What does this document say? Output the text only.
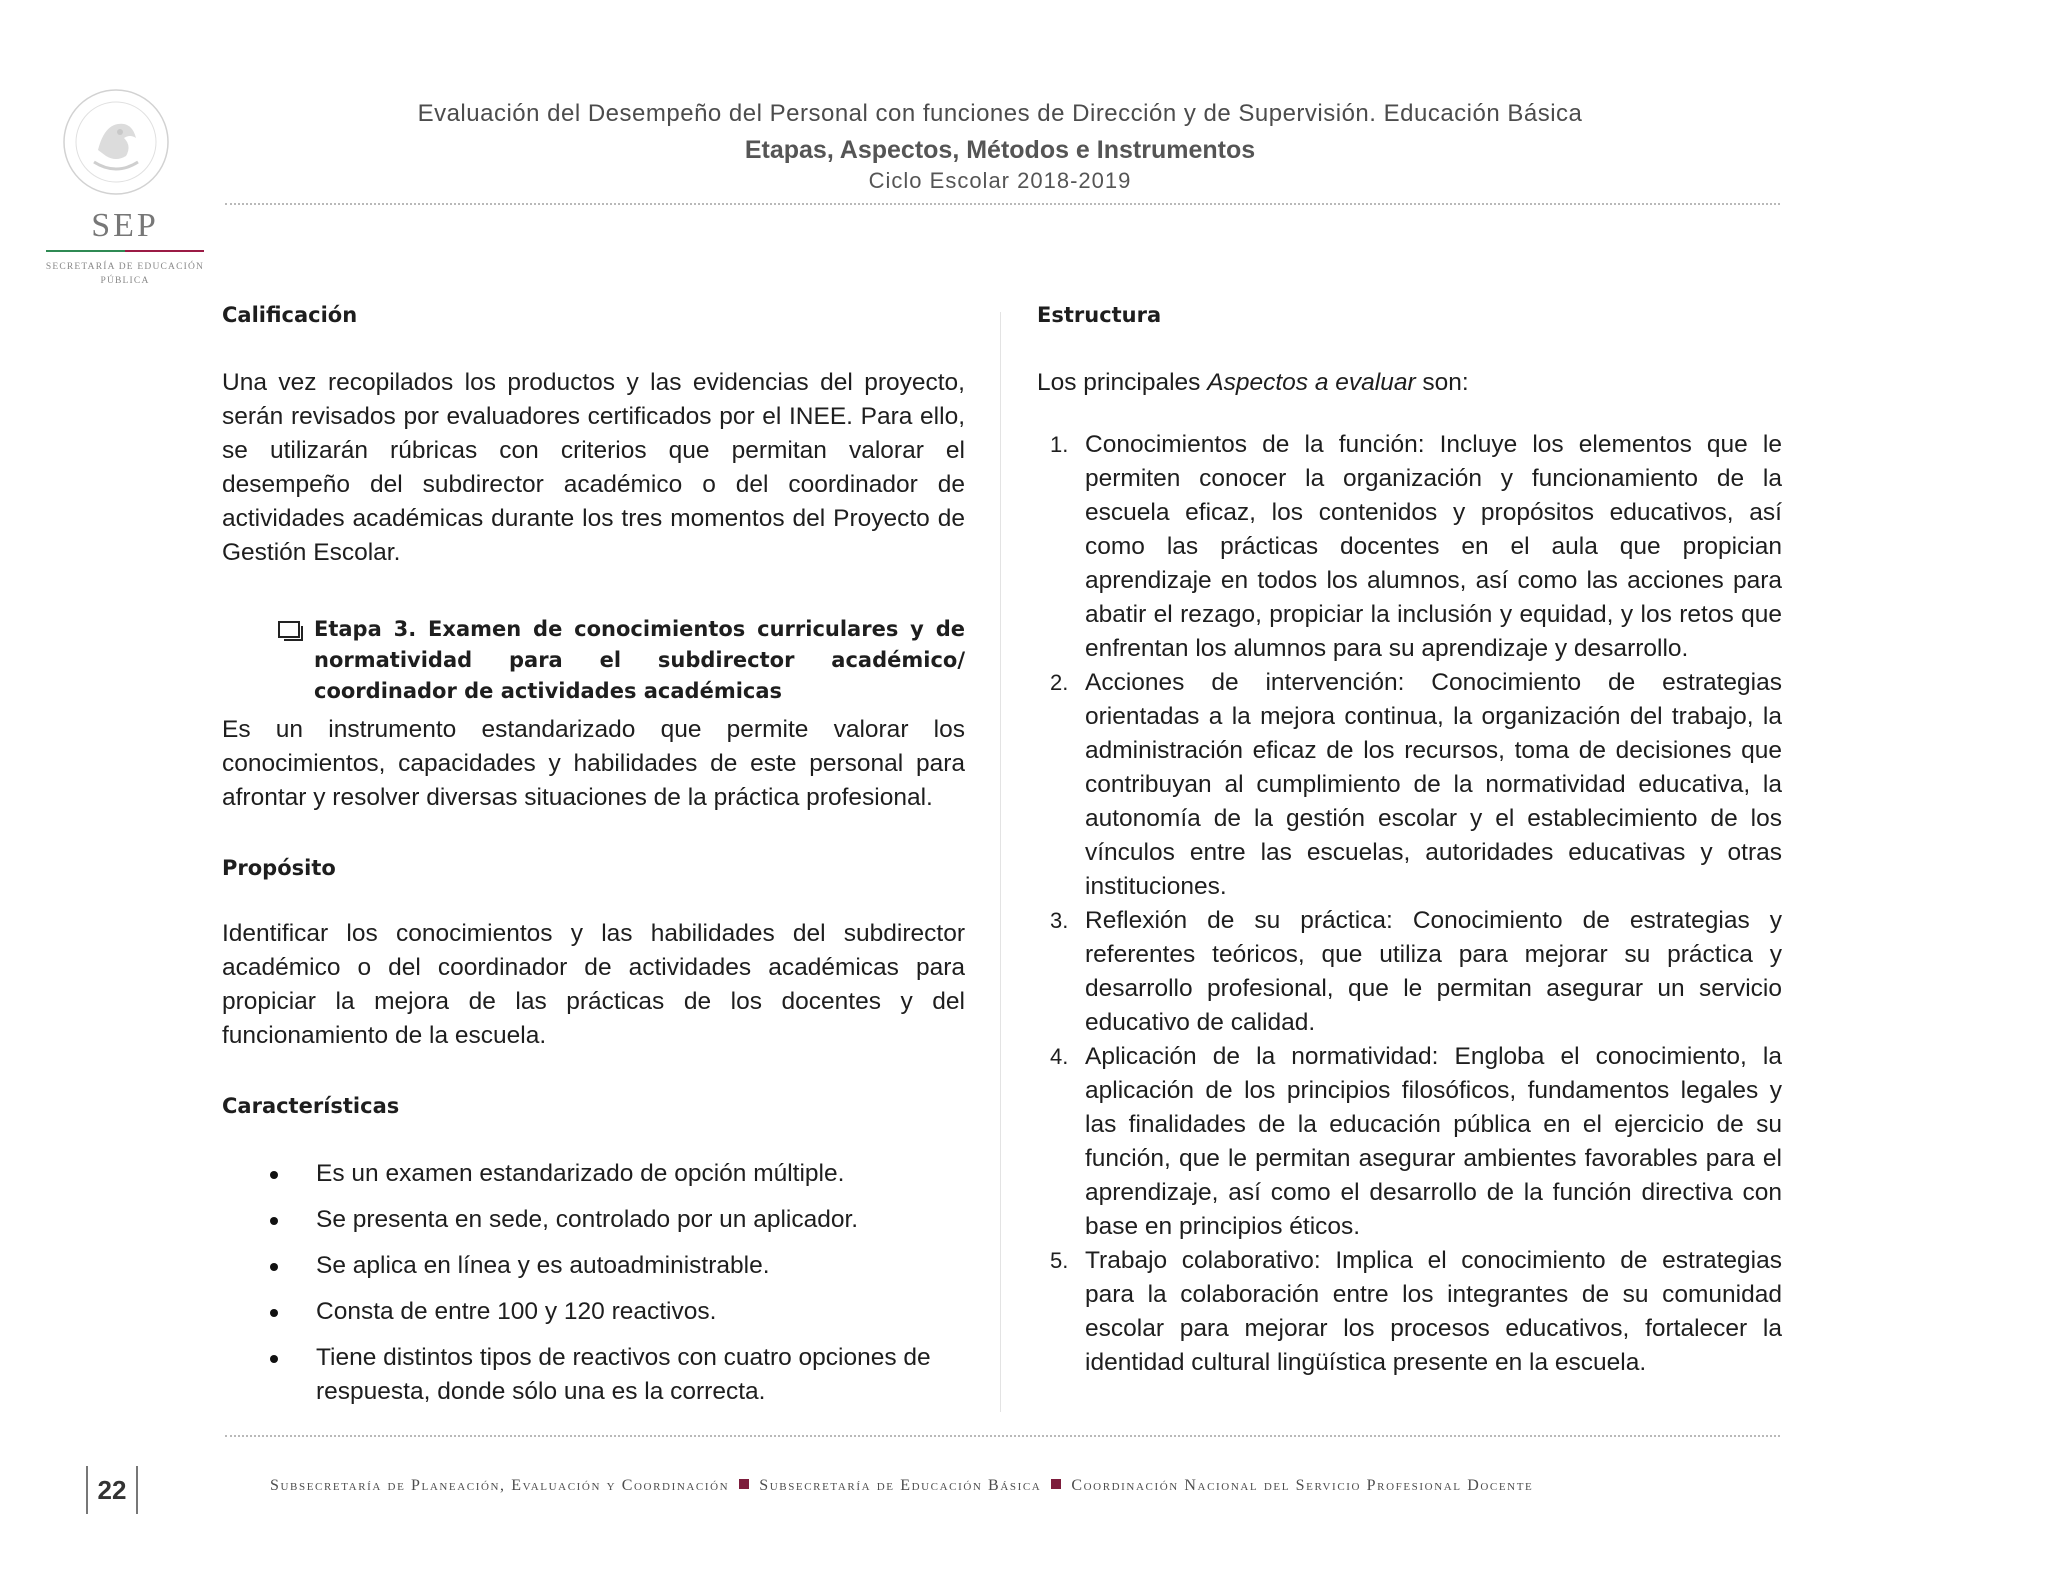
SEP
SECRETARÍA DE EDUCACIÓN PÚBLICA
Evaluación del Desempeño del Personal con funciones de Dirección y de Supervisión. Educación Básica
Etapas, Aspectos, Métodos e Instrumentos
Ciclo Escolar 2018-2019
Calificación

Una vez recopilados los productos y las evidencias del proyecto, serán revisados por evaluadores certificados por el INEE. Para ello, se utilizarán rúbricas con criterios que permitan valorar el desempeño del subdirector académico o del coordinador de actividades académicas durante los tres momentos del Proyecto de Gestión Escolar.

Etapa 3. Examen de conocimientos curriculares y de normatividad para el subdirector académico/ coordinador de actividades académicas

Es un instrumento estandarizado que permite valorar los conocimientos, capacidades y habilidades de este personal para afrontar y resolver diversas situaciones de la práctica profesional.

Propósito

Identificar los conocimientos y las habilidades del subdirector académico o del coordinador de actividades académicas para propiciar la mejora de las prácticas de los docentes y del funcionamiento de la escuela.

Características
Es un examen estandarizado de opción múltiple.
Se presenta en sede, controlado por un aplicador.
Se aplica en línea y es autoadministrable.
Consta de entre 100 y 120 reactivos.
Tiene distintos tipos de reactivos con cuatro opciones de respuesta, donde sólo una es la correcta.
Estructura

Los principales Aspectos a evaluar son:

1. Conocimientos de la función: Incluye los elementos que le permiten conocer la organización y funcionamiento de la escuela eficaz, los contenidos y propósitos educativos, así como las prácticas docentes en el aula que propician aprendizaje en todos los alumnos, así como las acciones para abatir el rezago, propiciar la inclusión y equidad, y los retos que enfrentan los alumnos para su aprendizaje y desarrollo.
2. Acciones de intervención: Conocimiento de estrategias orientadas a la mejora continua, la organización del trabajo, la administración eficaz de los recursos, toma de decisiones que contribuyan al cumplimiento de la normatividad educativa, la autonomía de la gestión escolar y el establecimiento de los vínculos entre las escuelas, autoridades educativas y otras instituciones.
3. Reflexión de su práctica: Conocimiento de estrategias y referentes teóricos, que utiliza para mejorar su práctica y desarrollo profesional, que le permitan asegurar un servicio educativo de calidad.
4. Aplicación de la normatividad: Engloba el conocimiento, la aplicación de los principios filosóficos, fundamentos legales y las finalidades de la educación pública en el ejercicio de su función, que le permitan asegurar ambientes favorables para el aprendizaje, así como el desarrollo de la función directiva con base en principios éticos.
5. Trabajo colaborativo: Implica el conocimiento de estrategias para la colaboración entre los integrantes de su comunidad escolar para mejorar los procesos educativos, fortalecer la identidad cultural lingüística presente en la escuela.
22	Subsecretaría de Planeación, Evaluación y Coordinación Subsecretaría de Educación Básica Coordinación Nacional del Servicio Profesional Docente
